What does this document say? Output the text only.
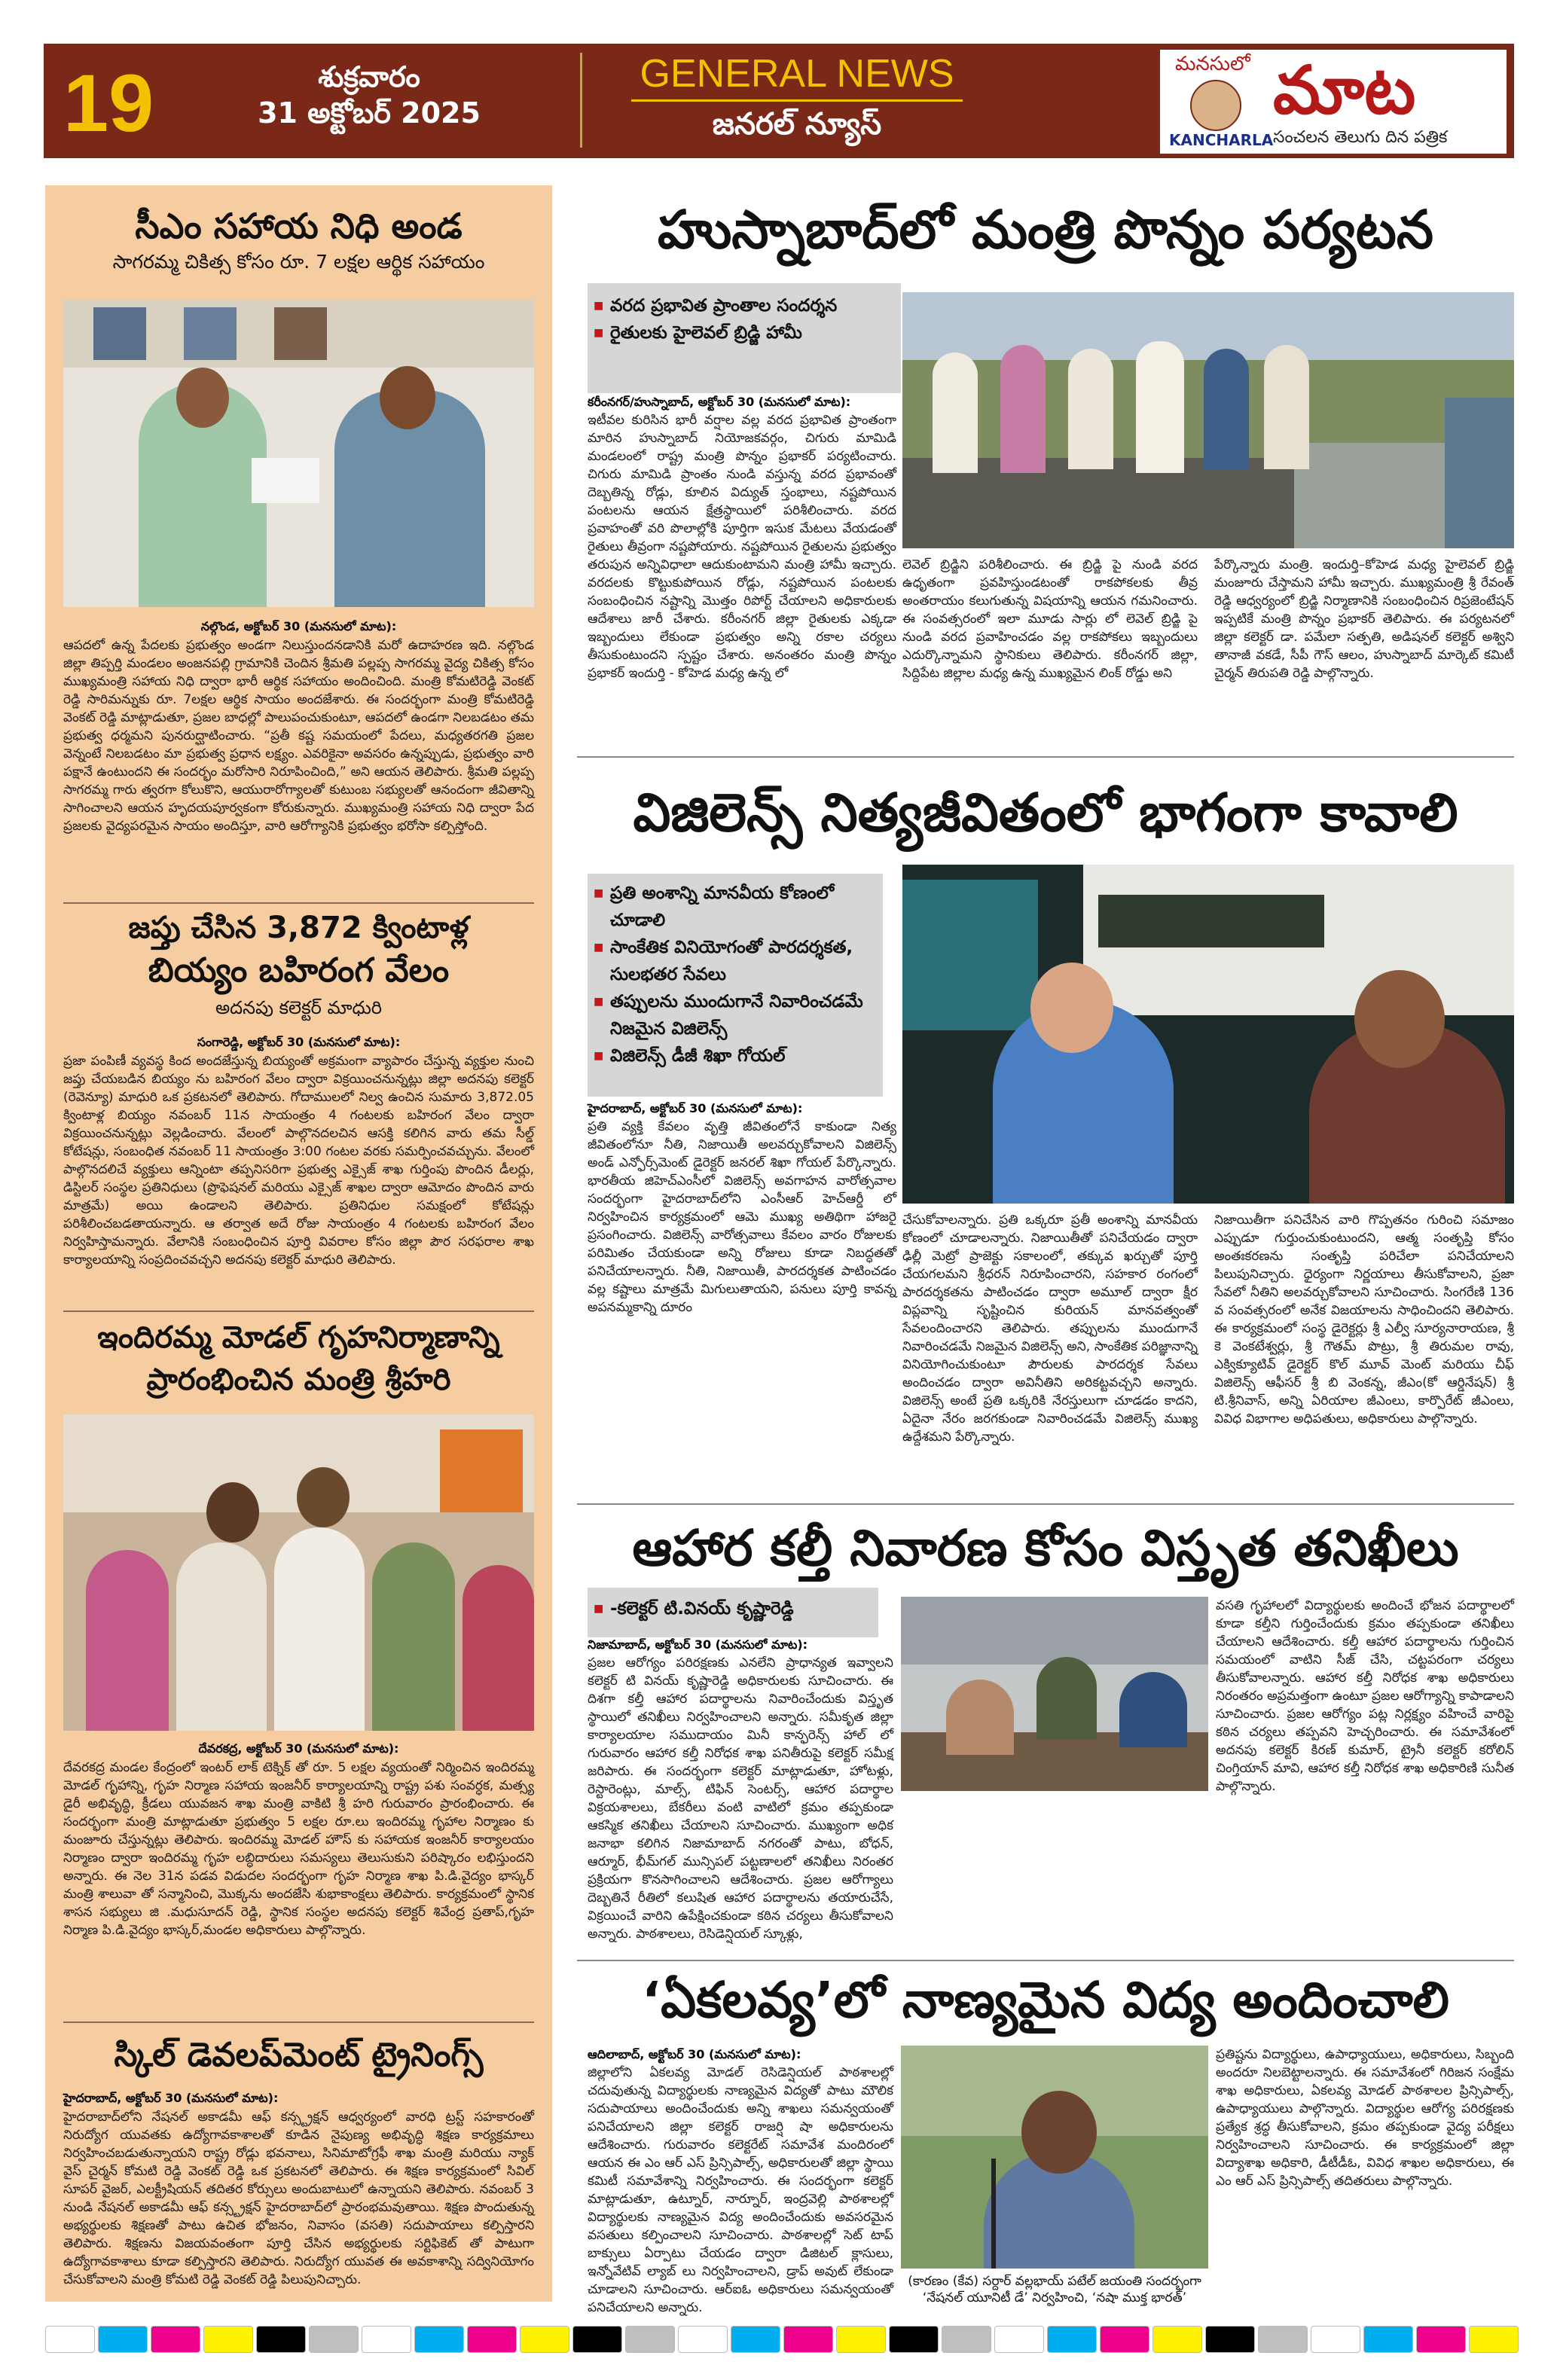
19	శుక్రవారం
31 అక్టోబర్ 2025
GENERAL NEWS
జనరల్ న్యూస్
మనసులో మాట
KANCHARLA సంచలన తెలుగు దిన పత్రిక
సీఎం సహాయ నిధి అండ
సాగరమ్మ చికిత్స కోసం రూ. 7 లక్షల ఆర్థిక సహాయం
నల్గొండ, అక్టోబర్ 30 (మనసులో మాట):
ఆపదలో ఉన్న పేదలకు ప్రభుత్వం అండగా నిలుస్తుందనడానికి మరో ఉదాహరణ ఇది. నల్గొండ జిల్లా తిప్పర్తి మండలం అంజనపల్లి గ్రామానికి చెందిన శ్రీమతి పల్లప్ప సాగరమ్మ వైద్య చికిత్స కోసం ముఖ్యమంత్రి సహాయ నిధి ద్వారా భారీ ఆర్థిక సహాయం అందించింది. మంత్రి కోమటిరెడ్డి వెంకట్ రెడ్డి సారిమన్నుకు రూ. 7లక్షల ఆర్థిక సాయం అందజేశారు. ఈ సందర్భంగా మంత్రి కోమటిరెడ్డి వెంకట్ రెడ్డి మాట్లాడుతూ, ప్రజల బాధల్లో పాలుపంచుకుంటూ, ఆపదలో ఉండగా నిలబడటం తమ ప్రభుత్వ ధర్మమని పునరుద్ఘాటించారు. “ప్రతీ కష్ట సమయంలో పేదలు, మధ్యతరగతి ప్రజల వెన్నంటే నిలబడటం మా ప్రభుత్వ ప్రధాన లక్ష్యం. ఎవరికైనా అవసరం ఉన్నప్పుడు, ప్రభుత్వం వారి పక్షానే ఉంటుందని ఈ సందర్భం మరోసారి నిరూపించింది,” అని ఆయన తెలిపారు. శ్రీమతి పల్లప్ప సాగరమ్మ గారు త్వరగా కోలుకొని, ఆయురారోగ్యాలతో కుటుంబ సభ్యులతో ఆనందంగా జీవితాన్ని సాగించాలని ఆయన హృదయపూర్వకంగా కోరుకున్నారు. ముఖ్యమంత్రి సహాయ నిధి ద్వారా పేద ప్రజలకు వైద్యపరమైన సాయం అందిస్తూ, వారి ఆరోగ్యానికి ప్రభుత్వం భరోసా కల్పిస్తోంది.
జప్తు చేసిన 3,872 క్వింటాళ్ల
బియ్యం బహిరంగ వేలం
అదనపు కలెక్టర్ మాధురి
సంగారెడ్డి, అక్టోబర్ 30 (మనసులో మాట):
ప్రజా పంపిణీ వ్యవస్థ కింద అందజేస్తున్న బియ్యంతో అక్రమంగా వ్యాపారం చేస్తున్న వ్యక్తుల నుంచి జప్తు చేయబడిన బియ్యం ను బహిరంగ వేలం ద్వారా విక్రయించనున్నట్లు జిల్లా అదనపు కలెక్టర్ (రెవెన్యూ) మాధురి ఒక ప్రకటనలో తెలిపారు. గోదాములలో నిల్వ ఉంచిన సుమారు 3,872.05 క్వింటాళ్ల బియ్యం నవంబర్ 11న సాయంత్రం 4 గంటలకు బహిరంగ వేలం ద్వారా విక్రయించనున్నట్లు వెల్లడించారు. వేలంలో పాల్గొనదలచిన ఆసక్తి కలిగిన వారు తమ సీల్డ్ కోటేషన్లు, సంబంధిత నవంబర్ 11 సాయంత్రం 3:00 గంటల వరకు సమర్పించవచ్చును. వేలంలో పాల్గొనదలిచే వ్యక్తులు ఆన్నింటా తప్పనిసరిగా ప్రభుత్వ ఎక్సైజ్ శాఖ గుర్తింపు పొందిన డీలర్లు, డిస్టిలర్ సంస్థల ప్రతినిధులు (ప్రొఫెషనల్ మరియు ఎక్సైజ్ శాఖల ద్వారా ఆమోదం పొందిన వారు మాత్రమే) అయి ఉండాలని తెలిపారు. ప్రతినిధుల సమక్షంలో కోటేషన్లు పరిశీలించబడతాయన్నారు. ఆ తర్వాత అదే రోజు సాయంత్రం 4 గంటలకు బహిరంగ వేలం నిర్వహిస్తామన్నారు. వేలానికి సంబంధించిన పూర్తి వివరాల కోసం జిల్లా పౌర సరఫరాల శాఖ కార్యాలయాన్ని సంప్రదించవచ్చని అదనపు కలెక్టర్ మాధురి తెలిపారు.
ఇందిరమ్మ మోడల్ గృహనిర్మాణాన్ని
ప్రారంభించిన మంత్రి శ్రీహరి
దేవరకద్ర, అక్టోబర్ 30 (మనసులో మాట):
దేవరకద్ర మండల కేంద్రంలో ఇంటర్ లాక్ టెక్నిక్ తో రూ. 5 లక్షల వ్యయంతో నిర్మించిన ఇందిరమ్మ మోడల్ గృహాన్ని, గృహ నిర్మాణ సహాయ ఇంజనీర్ కార్యాలయాన్ని రాష్ట్ర పశు సంవర్ధక, మత్స్య డైరీ అభివృద్ధి, క్రీడలు యువజన శాఖ మంత్రి వాకిటి శ్రీ హరి గురువారం ప్రారంభించారు. ఈ సందర్భంగా మంత్రి మాట్లాడుతూ ప్రభుత్వం 5 లక్షల రూ.లు ఇందిరమ్మ గృహాల నిర్మాణం కు మంజూరు చేస్తున్నట్లు తెలిపారు. ఇందిరమ్మ మోడల్ హౌస్ కు సహాయక ఇంజనీర్ కార్యాలయం నిర్మాణం ద్వారా ఇందిరమ్మ గృహ లబ్ధిదారులు సమస్యలు తెలుసుకుని పరిష్కారం లభిస్తుందని అన్నారు. ఈ నెల 31న పడవ విడుదల సందర్భంగా గృహ నిర్మాణ శాఖ పి.డి.వైద్యం భాస్కర్ మంత్రి శాలువా తో సన్మానించి, మొక్కను అందజేసి శుభాకాంక్షలు తెలిపారు. కార్యక్రమంలో స్థానిక శాసన సభ్యులు జి .మధుసూదన్ రెడ్డి, స్థానిక సంస్థల అదనపు కలెక్టర్ శివేంద్ర ప్రతాప్,గృహ నిర్మాణ పి.డి.వైద్యం భాస్కర్,మండల అధికారులు పాల్గొన్నారు.
స్కిల్ డెవలప్‌మెంట్ ట్రైనింగ్స్
హైదరాబాద్, అక్టోబర్ 30 (మనసులో మాట):
హైదరాబాద్‌లోని నేషనల్ అకాడమీ ఆఫ్ కన్స్ట్రక్షన్ ఆధ్వర్యంలో వారధి ట్రస్ట్ సహకారంతో నిరుద్యోగ యువతకు ఉద్యోగావకాశాలతో కూడిన నైపుణ్య అభివృద్ధి శిక్షణ కార్యక్రమాలు నిర్వహించబడుతున్నాయని రాష్ట్ర రోడ్లు భవనాలు, సినిమాటోగ్రఫీ శాఖ మంత్రి మరియు న్యాక్ వైస్ చైర్మన్ కోమటి రెడ్డి వెంకట్ రెడ్డి ఒక ప్రకటనలో తెలిపారు. ఈ శిక్షణ కార్యక్రమంలో సివిల్ సూపర్ వైజర్, ఎలక్ట్రీషియన్ తదితర కోర్సులు అందుబాటులో ఉన్నాయని తెలిపారు. నవంబర్ 3 నుండి నేషనల్ అకాడమీ ఆఫ్ కన్స్ట్రక్షన్ హైదరాబాద్‌లో ప్రారంభమవుతాయి. శిక్షణ పొందుతున్న అభ్యర్థులకు శిక్షణతో పాటు ఉచిత భోజనం, నివాసం (వసతి) సదుపాయాలు కల్పిస్తారని తెలిపారు. శిక్షణను విజయవంతంగా పూర్తి చేసిన అభ్యర్థులకు సర్టిఫికెట్ తో పాటుగా ఉద్యోగావకాశాలు కూడా కల్పిస్తారని తెలిపారు. నిరుద్యోగ యువత ఈ అవకాశాన్ని సద్వినియోగం చేసుకోవాలని మంత్రి కోమటి రెడ్డి వెంకట్ రెడ్డి పిలుపునిచ్చారు.
హుస్నాబాద్‌లో మంత్రి పొన్నం పర్యటన
■ వరద ప్రభావిత ప్రాంతాల సందర్శన
■ రైతులకు హైలెవల్ బ్రిడ్జి హామీ
కరీంనగర్/హుస్నాబాద్, అక్టోబర్ 30 (మనసులో మాట):
ఇటీవల కురిసిన భారీ వర్షాల వల్ల వరద ప్రభావిత ప్రాంతంగా మారిన హుస్నాబాద్ నియోజకవర్గం, చిగురు మామిడి మండలంలో రాష్ట్ర మంత్రి పొన్నం ప్రభాకర్ పర్యటించారు. చిగురు మామిడి ప్రాంతం నుండి వస్తున్న వరద ప్రభావంతో దెబ్బతిన్న రోడ్లు, కూలిన విద్యుత్ స్తంభాలు, నష్టపోయిన పంటలను ఆయన క్షేత్రస్థాయిలో పరిశీలించారు. వరద ప్రవాహంతో వరి పొలాల్లోకి పూర్తిగా ఇసుక మేటలు వేయడంతో రైతులు తీవ్రంగా నష్టపోయారు. నష్టపోయిన రైతులను ప్రభుత్వం తరుపున అన్నివిధాలా ఆదుకుంటామని మంత్రి హామీ ఇచ్చారు. వరదలకు కొట్టుకుపోయిన రోడ్లు, నష్టపోయిన పంటలకు సంబంధించిన నష్టాన్ని మొత్తం రిపోర్ట్ చేయాలని అధికారులకు ఆదేశాలు జారీ చేశారు. కరీంనగర్ జిల్లా రైతులకు ఎక్కడా ఇబ్బందులు లేకుండా ప్రభుత్వం అన్ని రకాల చర్యలు తీసుకుంటుందని స్పష్టం చేశారు. అనంతరం మంత్రి పొన్నం ప్రభాకర్ ఇందుర్తి - కోహెడ మధ్య ఉన్న లో
లెవెల్ బ్రిడ్జిని పరిశీలించారు. ఈ బ్రిడ్జి పై నుండి వరద ఉధృతంగా ప్రవహిస్తుండటంతో రాకపోకలకు తీవ్ర అంతరాయం కలుగుతున్న విషయాన్ని ఆయన గమనించారు. ఈ సంవత్సరంలో ఇలా మూడు సార్లు లో లెవెల్ బ్రిడ్జి పై నుండి వరద ప్రవాహించడం వల్ల రాకపోకలు ఇబ్బందులు ఎదుర్కొన్నామని స్థానికులు తెలిపారు. కరీంనగర్ జిల్లా, సిద్దిపేట జిల్లాల మధ్య ఉన్న ముఖ్యమైన లింక్ రోడ్డు అని
పేర్కొన్నారు మంత్రి. ఇందుర్తి–కోహెడ మధ్య హైలెవల్ బ్రిడ్జి మంజూరు చేస్తామని హామీ ఇచ్చారు. ముఖ్యమంత్రి శ్రీ రేవంత్ రెడ్డి ఆధ్వర్యంలో బ్రిడ్జి నిర్మాణానికి సంబంధించిన రిప్రజెంటేషన్ ఇప్పటికే మంత్రి పొన్నం ప్రభాకర్ తెలిపారు. ఈ పర్యటనలో జిల్లా కలెక్టర్ డా. పమేలా సత్పతి, అడిషనల్ కలెక్టర్ అశ్విని తానాజీ వకడే, సీపీ గౌస్ ఆలం, హుస్నాబాద్ మార్కెట్ కమిటీ చైర్మన్ తిరుపతి రెడ్డి పాల్గొన్నారు.
విజిలెన్స్ నిత్యజీవితంలో భాగంగా కావాలి
■ ప్రతి అంశాన్ని మానవీయ కోణంలో చూడాలి
■ సాంకేతిక వినియోగంతో పారదర్శకత, సులభతర సేవలు
■ తప్పులను ముందుగానే నివారించడమే నిజమైన విజిలెన్స్
■ విజిలెన్స్ డీజీ శిఖా గోయల్
హైదరాబాద్, అక్టోబర్ 30 (మనసులో మాట):
ప్రతి వ్యక్తి కేవలం వృత్తి జీవితంలోనే కాకుండా నిత్య జీవితంలోనూ నీతి, నిజాయితీ అలవర్చుకోవాలని విజిలెన్స్ అండ్ ఎన్ఫోర్స్‌మెంట్ డైరెక్టర్ జనరల్ శిఖా గోయల్ పేర్కొన్నారు. భారతీయ జిహెచ్ఎంసీలో విజిలెన్స్ అవగాహన వారోత్సవాల సందర్భంగా హైదరాబాద్‌లోని ఎంసీఆర్ హెచ్ఆర్డీ లో నిర్వహించిన కార్యక్రమంలో ఆమె ముఖ్య అతిథిగా హాజరై ప్రసంగించారు. విజిలెన్స్ వారోత్సవాలు కేవలం వారం రోజులకు పరిమితం చేయకుండా అన్ని రోజులు కూడా నిబద్ధతతో పనిచేయాలన్నారు. నీతి, నిజాయితీ, పారదర్శకత పాటించడం వల్ల కష్టాలు మాత్రమే మిగులుతాయని, పనులు పూర్తి కావన్న అపనమ్మకాన్ని దూరం
చేసుకోవాలన్నారు. ప్రతి ఒక్కరూ ప్రతీ అంశాన్ని మానవీయ కోణంలో చూడాలన్నారు. నిజాయితీతో పనిచేయడం ద్వారా ఢిల్లీ మెట్రో ప్రాజెక్టు సకాలంలో, తక్కువ ఖర్చుతో పూర్తి చేయగలమని శ్రీధరన్ నిరూపించారని, సహకార రంగంలో పారదర్శకతను పాటించడం ద్వారా అమూల్ ద్వారా క్షీర విప్లవాన్ని సృష్టించిన కురియన్ మానవత్వంతో సేవలందించారని తెలిపారు. తప్పులను ముందుగానే నివారించడమే నిజమైన విజిలెన్స్ అని, సాంకేతిక పరిజ్ఞానాన్ని వినియోగించుకుంటూ పౌరులకు పారదర్శక సేవలు అందించడం ద్వారా అవినీతిని అరికట్టవచ్చని అన్నారు. విజిలెన్స్ అంటే ప్రతి ఒక్కరికి నేరస్తులుగా చూడడం కాదని, ఏదైనా నేరం జరగకుండా నివారించడమే విజిలెన్స్ ముఖ్య ఉద్దేశమని పేర్కొన్నారు.
నిజాయితీగా పనిచేసిన వారి గొప్పతనం గురించి సమాజం ఎప్పుడూ గుర్తుంచుకుంటుందని, ఆత్మ సంతృప్తి కోసం అంతఃకరణను సంతృప్తి పరిచేలా పనిచేయాలని పిలుపునిచ్చారు. ధైర్యంగా నిర్ణయాలు తీసుకోవాలని, ప్రజా సేవలో నీతిని అలవర్చుకోవాలని సూచించారు. సింగరేణి 136 వ సంవత్సరంలో అనేక విజయాలను సాధించిందని తెలిపారు. ఈ కార్యక్రమంలో సంస్థ డైరెక్టర్లు శ్రీ ఎల్వీ సూర్యనారాయణ, శ్రీ కె వెంకటేశ్వర్లు, శ్రీ గౌతమ్ పొట్రు, శ్రీ తిరుమల రావు, ఎక్విక్యూటివ్ డైరెక్టర్ కొల్ మూవ్ మెంట్ మరియు చీఫ్ విజిలెన్స్ ఆఫీసర్ శ్రీ బి వెంకన్న, జీఎం(కో ఆర్డినేషన్) శ్రీ టి.శ్రీనివాస్, అన్ని ఏరియాల జీఎంలు, కార్పొరేట్ జీఎంలు, వివిధ విభాగాల అధిపతులు, అధికారులు పాల్గొన్నారు.
ఆహార కల్తీ నివారణ కోసం విస్తృత తనిఖీలు
■ -కలెక్టర్ టి.వినయ్ కృష్ణారెడ్డి
నిజామాబాద్, అక్టోబర్ 30 (మనసులో మాట):
ప్రజల ఆరోగ్యం పరిరక్షణకు ఎనలేని ప్రాధాన్యత ఇవ్వాలని కలెక్టర్ టి వినయ్ కృష్ణారెడ్డి అధికారులకు సూచించారు. ఈ దిశగా కల్తీ ఆహార పదార్థాలను నివారించేందుకు విస్తృత స్థాయిలో తనిఖీలు నిర్వహించాలని అన్నారు. సమీకృత జిల్లా కార్యాలయాల సముదాయం మినీ కాన్ఫరెన్స్ హాల్ లో గురువారం ఆహార కల్తీ నిరోధక శాఖ పనితీరుపై కలెక్టర్ సమీక్ష జరిపారు. ఈ సందర్భంగా కలెక్టర్ మాట్లాడుతూ, హోటళ్లు, రెస్టారెంట్లు, మాల్స్, టిఫిన్ సెంటర్స్, ఆహార పదార్థాల విక్రయశాలలు, బేకరీలు వంటి వాటిలో క్రమం తప్పకుండా ఆకస్మిక తనిఖీలు చేయాలని సూచించారు. ముఖ్యంగా అధిక జనాభా కలిగిన నిజామాబాద్ నగరంతో పాటు, బోధన్, ఆర్మూర్, భీమ్‌గల్ మున్సిపల్ పట్టణాలలో తనిఖీలు నిరంతర ప్రక్రియగా కొనసాగించాలని ఆదేశించారు. ప్రజల ఆరోగ్యాలు దెబ్బతినే రీతిలో కలుషిత ఆహార పదార్థాలను తయారుచేసే, విక్రయించే వారిని ఉపేక్షించకుండా కఠిన చర్యలు తీసుకోవాలని అన్నారు. పాఠశాలలు, రెసిడెన్షియల్ స్కూళ్లు,
వసతి గృహాలలో విద్యార్థులకు అందించే భోజన పదార్థాలలో కూడా కల్తీని గుర్తించేందుకు క్రమం తప్పకుండా తనిఖీలు చేయాలని ఆదేశించారు. కల్తీ ఆహార పదార్థాలను గుర్తించిన సమయంలో వాటిని సీజ్ చేసి, చట్టపరంగా చర్యలు తీసుకోవాలన్నారు. ఆహార కల్తీ నిరోధక శాఖ అధికారులు నిరంతరం అప్రమత్తంగా ఉంటూ ప్రజల ఆరోగ్యాన్ని కాపాడాలని సూచించారు. ప్రజల ఆరోగ్యం పట్ల నిర్లక్ష్యం వహించే వారిపై కఠిన చర్యలు తప్పవని హెచ్చరించారు. ఈ సమావేశంలో అదనపు కలెక్టర్ కిరణ్ కుమార్, ట్రైనీ కలెక్టర్ కరోలిన్ చింగ్తియాన్ మావి, ఆహార కల్తీ నిరోధక శాఖ అధికారిణి సునీత పాల్గొన్నారు.
‘ఏకలవ్య’లో నాణ్యమైన విద్య అందించాలి
ఆదిలాబాద్, అక్టోబర్ 30 (మనసులో మాట):
జిల్లాలోని ఏకలవ్య మోడల్ రెసిడెన్షియల్ పాఠశాలల్లో చదువుతున్న విద్యార్థులకు నాణ్యమైన విద్యతో పాటు మౌలిక సదుపాయాలు అందించేందుకు అన్ని శాఖలు సమన్వయంతో పనిచేయాలని జిల్లా కలెక్టర్ రాజర్షి షా అధికారులను ఆదేశించారు. గురువారం కలెక్టరేట్ సమావేశ మందిరంలో ఆయన ఈ ఎం ఆర్ ఎస్ ప్రిన్సిపాల్స్, అధికారులతో జిల్లా స్థాయి కమిటీ సమావేశాన్ని నిర్వహించారు. ఈ సందర్భంగా కలెక్టర్ మాట్లాడుతూ, ఉట్నూర్, నార్నూర్, ఇంద్రవెల్లి పాఠశాలల్లో విద్యార్థులకు నాణ్యమైన విద్య అందించేందుకు అవసరమైన వసతులు కల్పించాలని సూచించారు. పాఠశాలల్లో సెట్ టాప్ బాక్సులు ఏర్పాటు చేయడం ద్వారా డిజిటల్ క్లాసులు, ఇన్నోవేటివ్ ల్యాబ్ లు నిర్వహించాలని, డ్రాప్ అవుట్ లేకుండా చూడాలని సూచించారు. ఆర్‌ఐఓ అధికారులు సమన్వయంతో పనిచేయాలని అన్నారు.
(కారణం (కేవ) సర్దార్ వల్లభాయ్ పటేల్ జయంతి సందర్భంగా ‘నేషనల్ యూనిటీ డే’ నిర్వహించి, ‘నషా ముక్త భారత్’
ప్రతిష్టను విద్యార్థులు, ఉపాధ్యాయులు, అధికారులు, సిబ్బంది అందరూ నిలబెట్టాలన్నారు. ఈ సమావేశంలో గిరిజన సంక్షేమ శాఖ అధికారులు, ఏకలవ్య మోడల్ పాఠశాలల ప్రిన్సిపాల్స్, ఉపాధ్యాయులు పాల్గొన్నారు. విద్యార్థుల ఆరోగ్య పరిరక్షణకు ప్రత్యేక శ్రద్ధ తీసుకోవాలని, క్రమం తప్పకుండా వైద్య పరీక్షలు నిర్వహించాలని సూచించారు. ఈ కార్యక్రమంలో జిల్లా విద్యాశాఖ అధికారి, డీటీడీఓ, వివిధ శాఖల అధికారులు, ఈ ఎం ఆర్ ఎస్ ప్రిన్సిపాల్స్ తదితరులు పాల్గొన్నారు.
